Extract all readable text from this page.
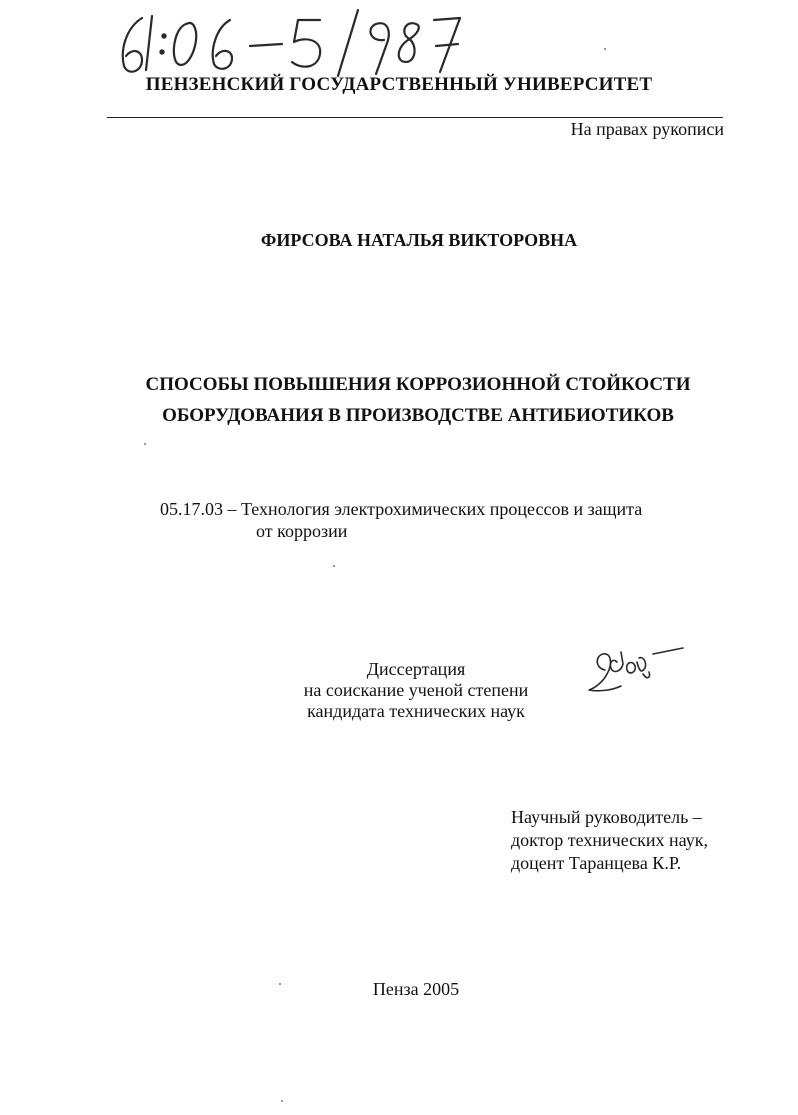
ПЕНЗЕНСКИЙ ГОСУДАРСТВЕННЫЙ УНИВЕРСИТЕТ
На правах рукописи
ФИРСОВА НАТАЛЬЯ ВИКТОРОВНА
СПОСОБЫ ПОВЫШЕНИЯ КОРРОЗИОННОЙ СТОЙКОСТИ
ОБОРУДОВАНИЯ В ПРОИЗВОДСТВЕ АНТИБИОТИКОВ
05.17.03 – Технология электрохимических процессов и защита
от коррозии
Диссертация
на соискание ученой степени
кандидата технических наук
Научный руководитель –
доктор технических наук,
доцент Таранцева К.Р.
Пенза 2005
